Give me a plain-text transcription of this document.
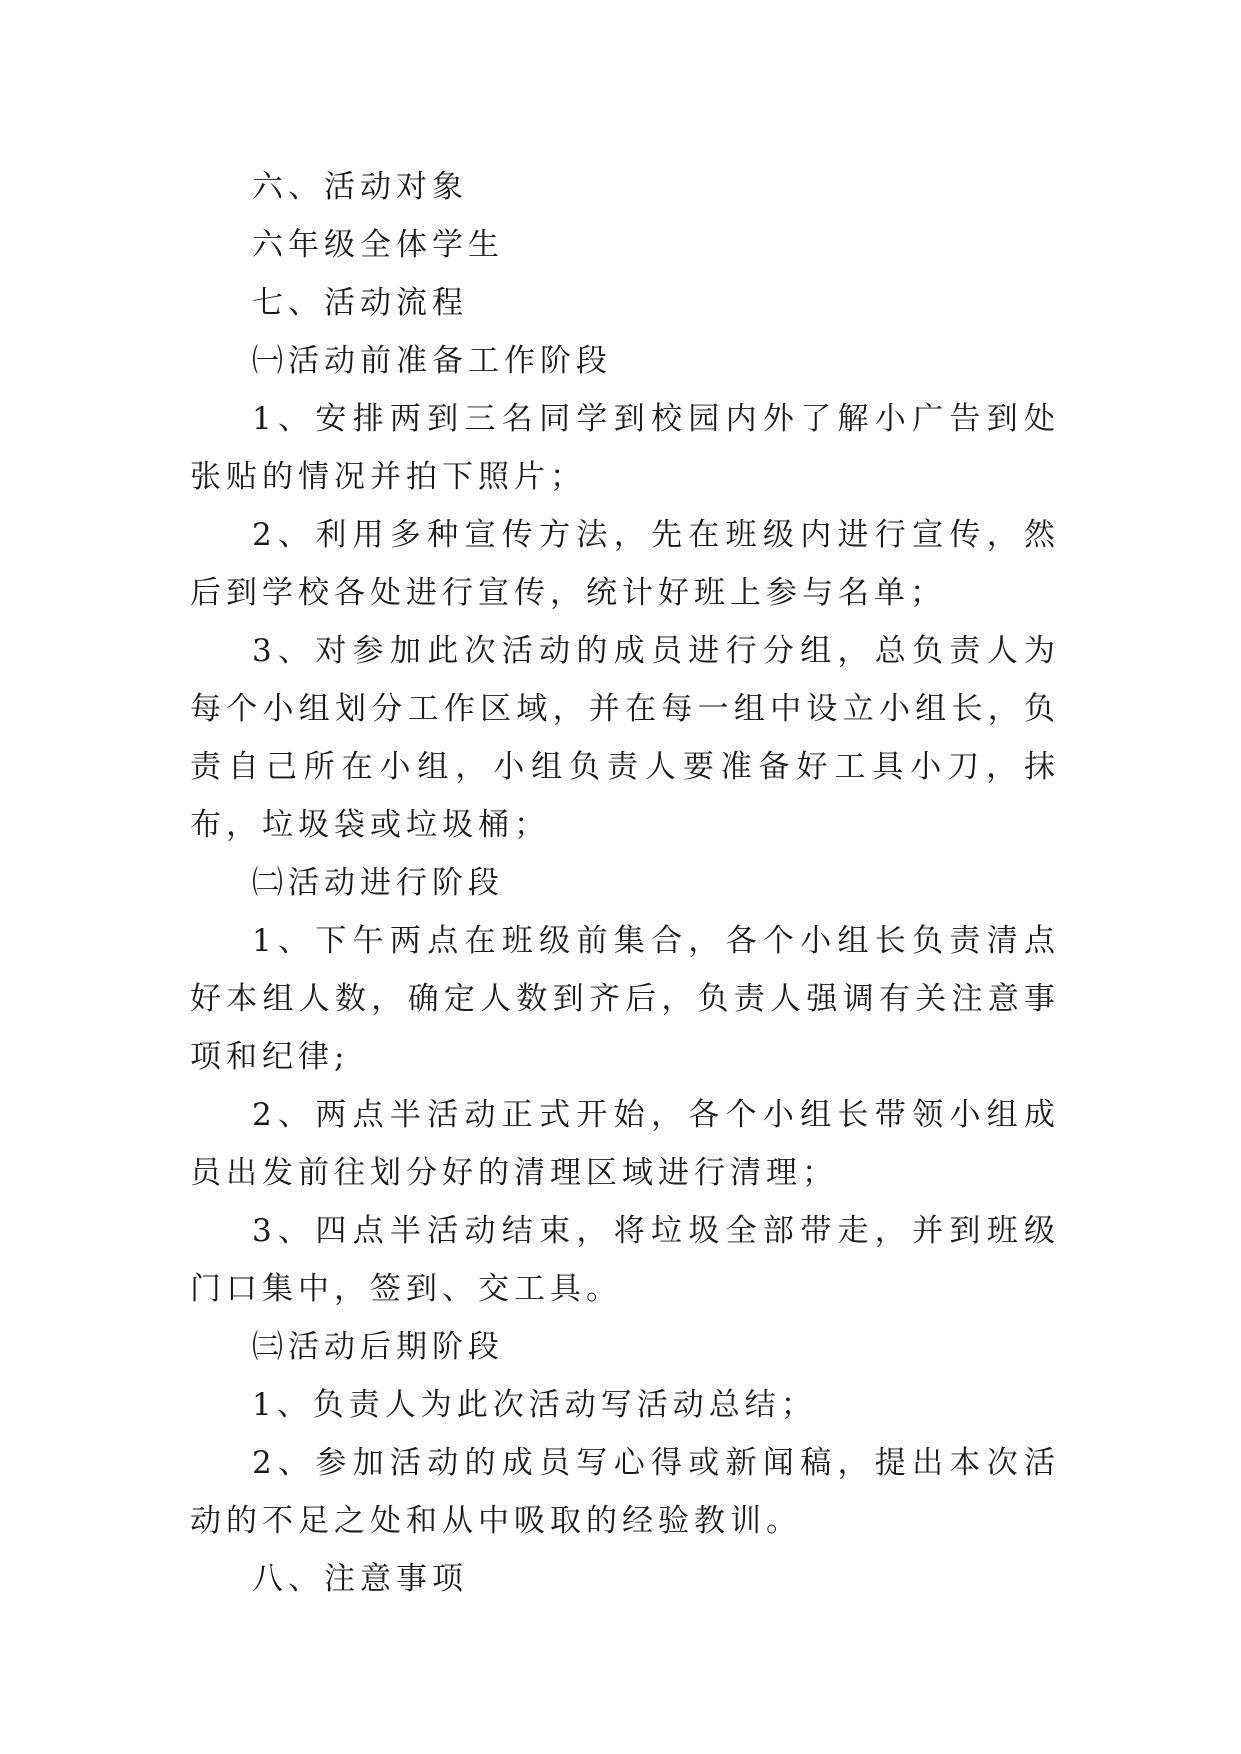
六、活动对象

六年级全体学生

七、活动流程

㈠活动前准备工作阶段

1、安排两到三名同学到校园内外了解小广告到处张贴的情况并拍下照片；

2、利用多种宣传方法，先在班级内进行宣传，然后到学校各处进行宣传，统计好班上参与名单；

3、对参加此次活动的成员进行分组，总负责人为每个小组划分工作区域，并在每一组中设立小组长，负责自己所在小组，小组负责人要准备好工具小刀，抹布，垃圾袋或垃圾桶；

㈡活动进行阶段

1、下午两点在班级前集合，各个小组长负责清点好本组人数，确定人数到齐后，负责人强调有关注意事项和纪律;

2、两点半活动正式开始，各个小组长带领小组成员出发前往划分好的清理区域进行清理；

3、四点半活动结束，将垃圾全部带走，并到班级门口集中，签到、交工具。

㈢活动后期阶段

1、负责人为此次活动写活动总结；

2、参加活动的成员写心得或新闻稿，提出本次活动的不足之处和从中吸取的经验教训。

八、注意事项
